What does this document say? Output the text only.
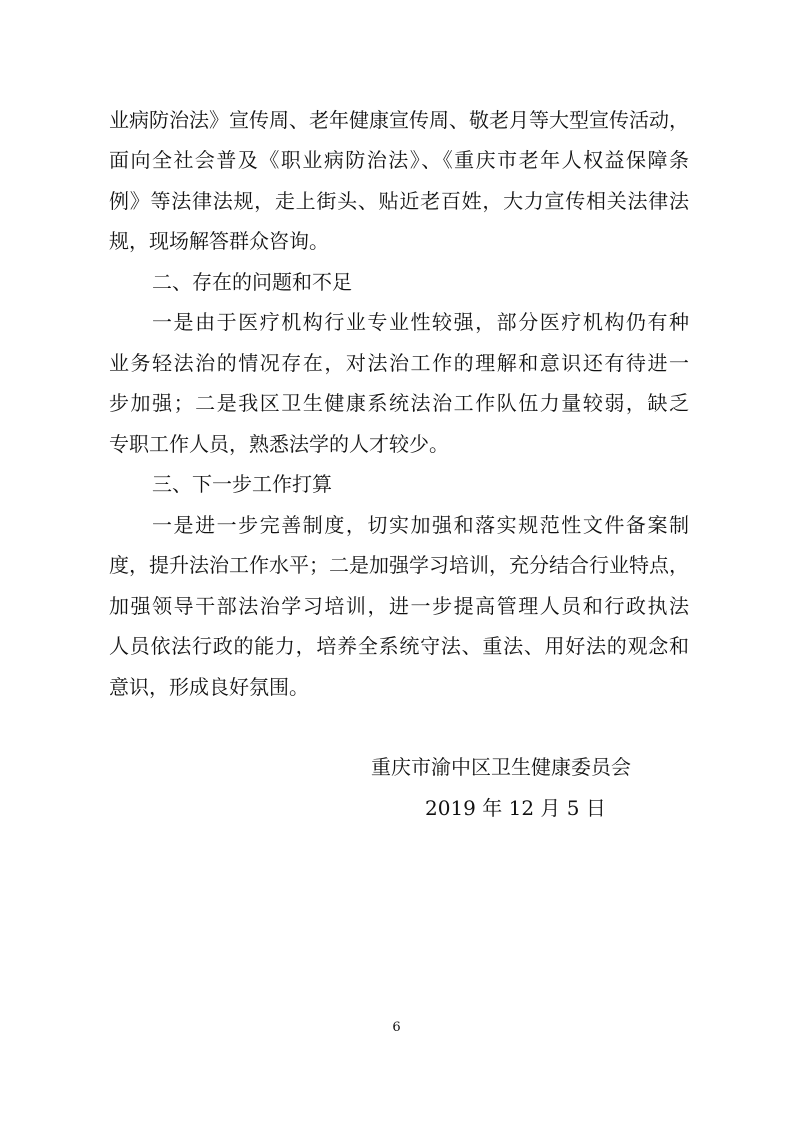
业病防治法》宣传周、老年健康宣传周、敬老月等大型宣传活动，
面向全社会普及《职业病防治法》、《重庆市老年人权益保障条
例》等法律法规，走上街头、贴近老百姓，大力宣传相关法律法
规，现场解答群众咨询。
二、存在的问题和不足
一是由于医疗机构行业专业性较强，部分医疗机构仍有种
业务轻法治的情况存在，对法治工作的理解和意识还有待进一
步加强；二是我区卫生健康系统法治工作队伍力量较弱，缺乏
专职工作人员，熟悉法学的人才较少。
三、下一步工作打算
一是进一步完善制度，切实加强和落实规范性文件备案制
度，提升法治工作水平；二是加强学习培训，充分结合行业特点，
加强领导干部法治学习培训，进一步提高管理人员和行政执法
人员依法行政的能力，培养全系统守法、重法、用好法的观念和
意识，形成良好氛围。
重庆市渝中区卫生健康委员会
2019 年 12 月 5 日
6
